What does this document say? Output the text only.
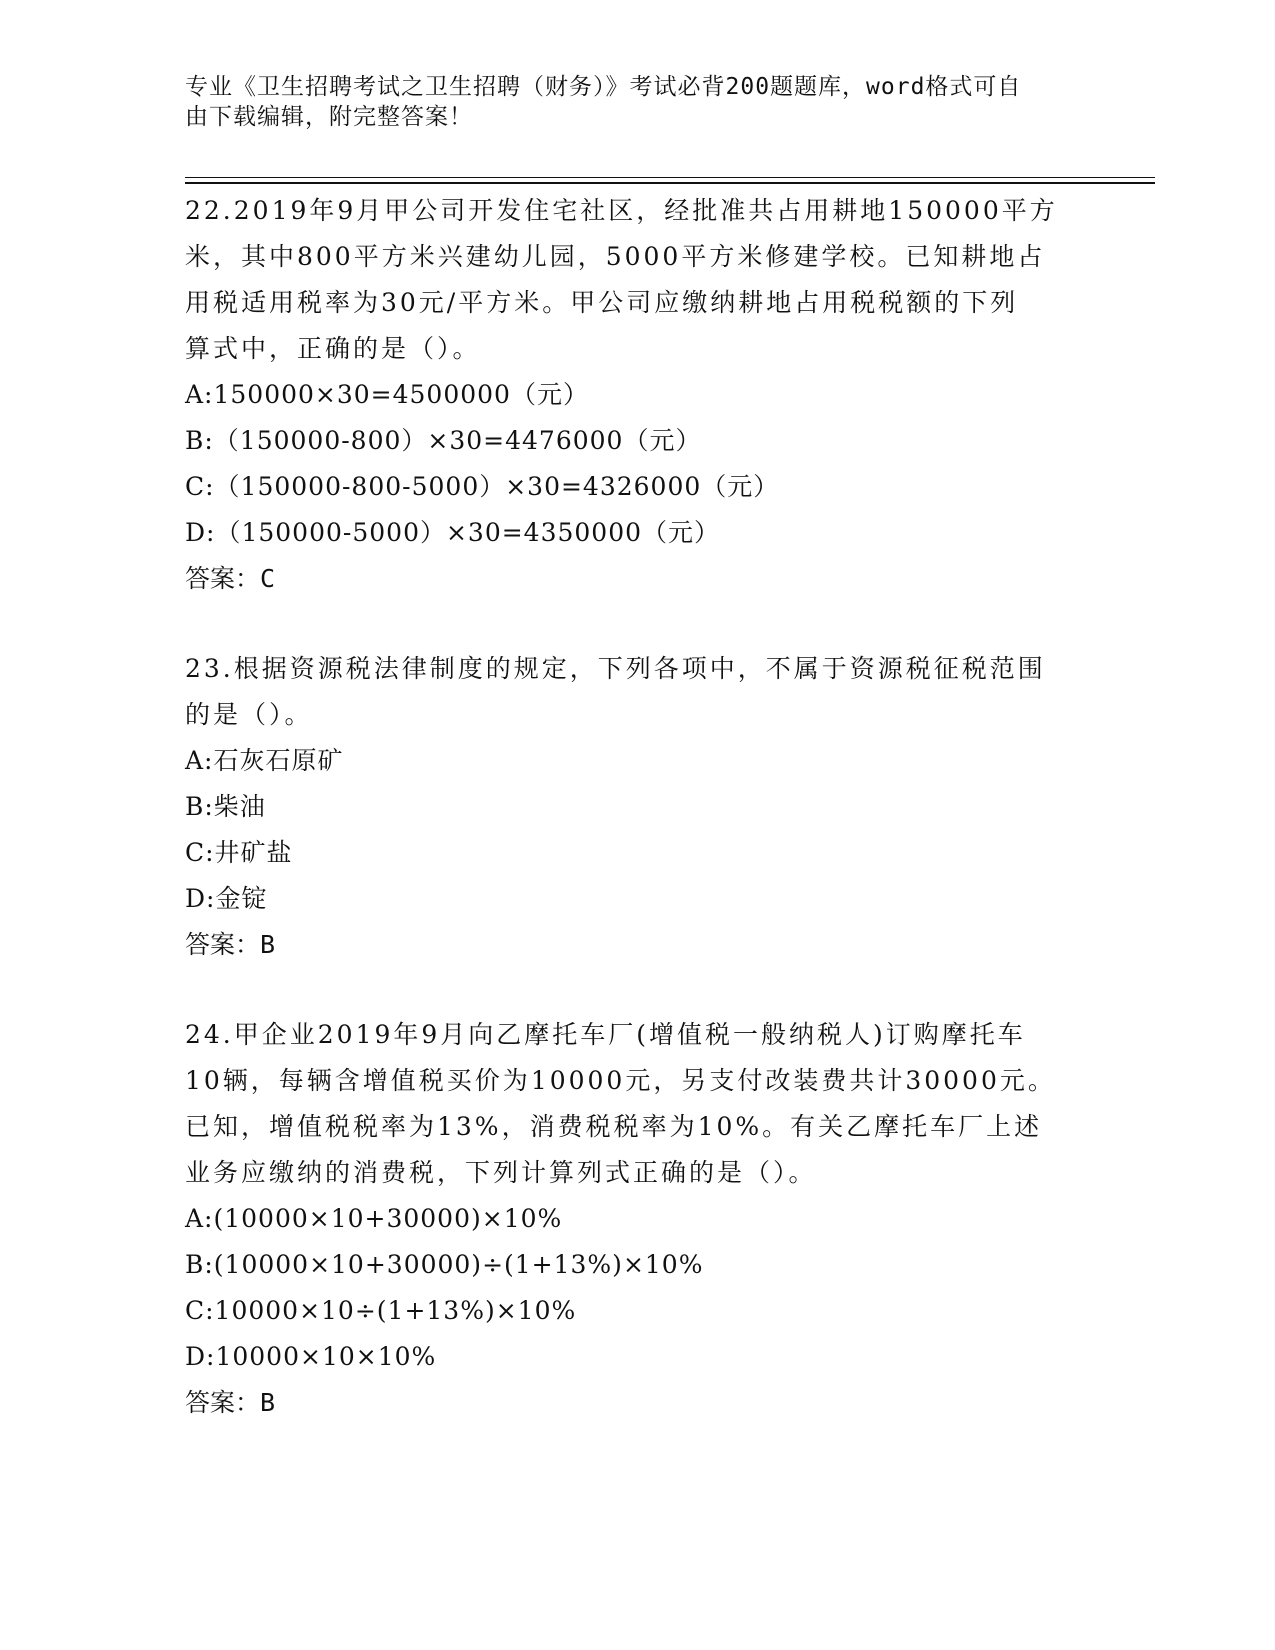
专业《卫生招聘考试之卫生招聘（财务）》考试必背200题题库，word格式可自
由下载编辑，附完整答案！

22.2019年9月甲公司开发住宅社区，经批准共占用耕地150000平方

米，其中800平方米兴建幼儿园，5000平方米修建学校。已知耕地占

用税适用税率为30元/平方米。甲公司应缴纳耕地占用税税额的下列

算式中，正确的是（）。

A:150000×30=4500000（元）

B:（150000-800）×30=4476000（元）

C:（150000-800-5000）×30=4326000（元）

D:（150000-5000）×30=4350000（元）

答案：C

23.根据资源税法律制度的规定，下列各项中，不属于资源税征税范围

的是（）。

A:石灰石原矿

B:柴油

C:井矿盐

D:金锭

答案：B

24.甲企业2019年9月向乙摩托车厂(增值税一般纳税人)订购摩托车

10辆，每辆含增值税买价为10000元，另支付改装费共计30000元。

已知，增值税税率为13%，消费税税率为10%。有关乙摩托车厂上述

业务应缴纳的消费税，下列计算列式正确的是（）。

A:(10000×10+30000)×10%

B:(10000×10+30000)÷(1+13%)×10%

C:10000×10÷(1+13%)×10%

D:10000×10×10%

答案：B
